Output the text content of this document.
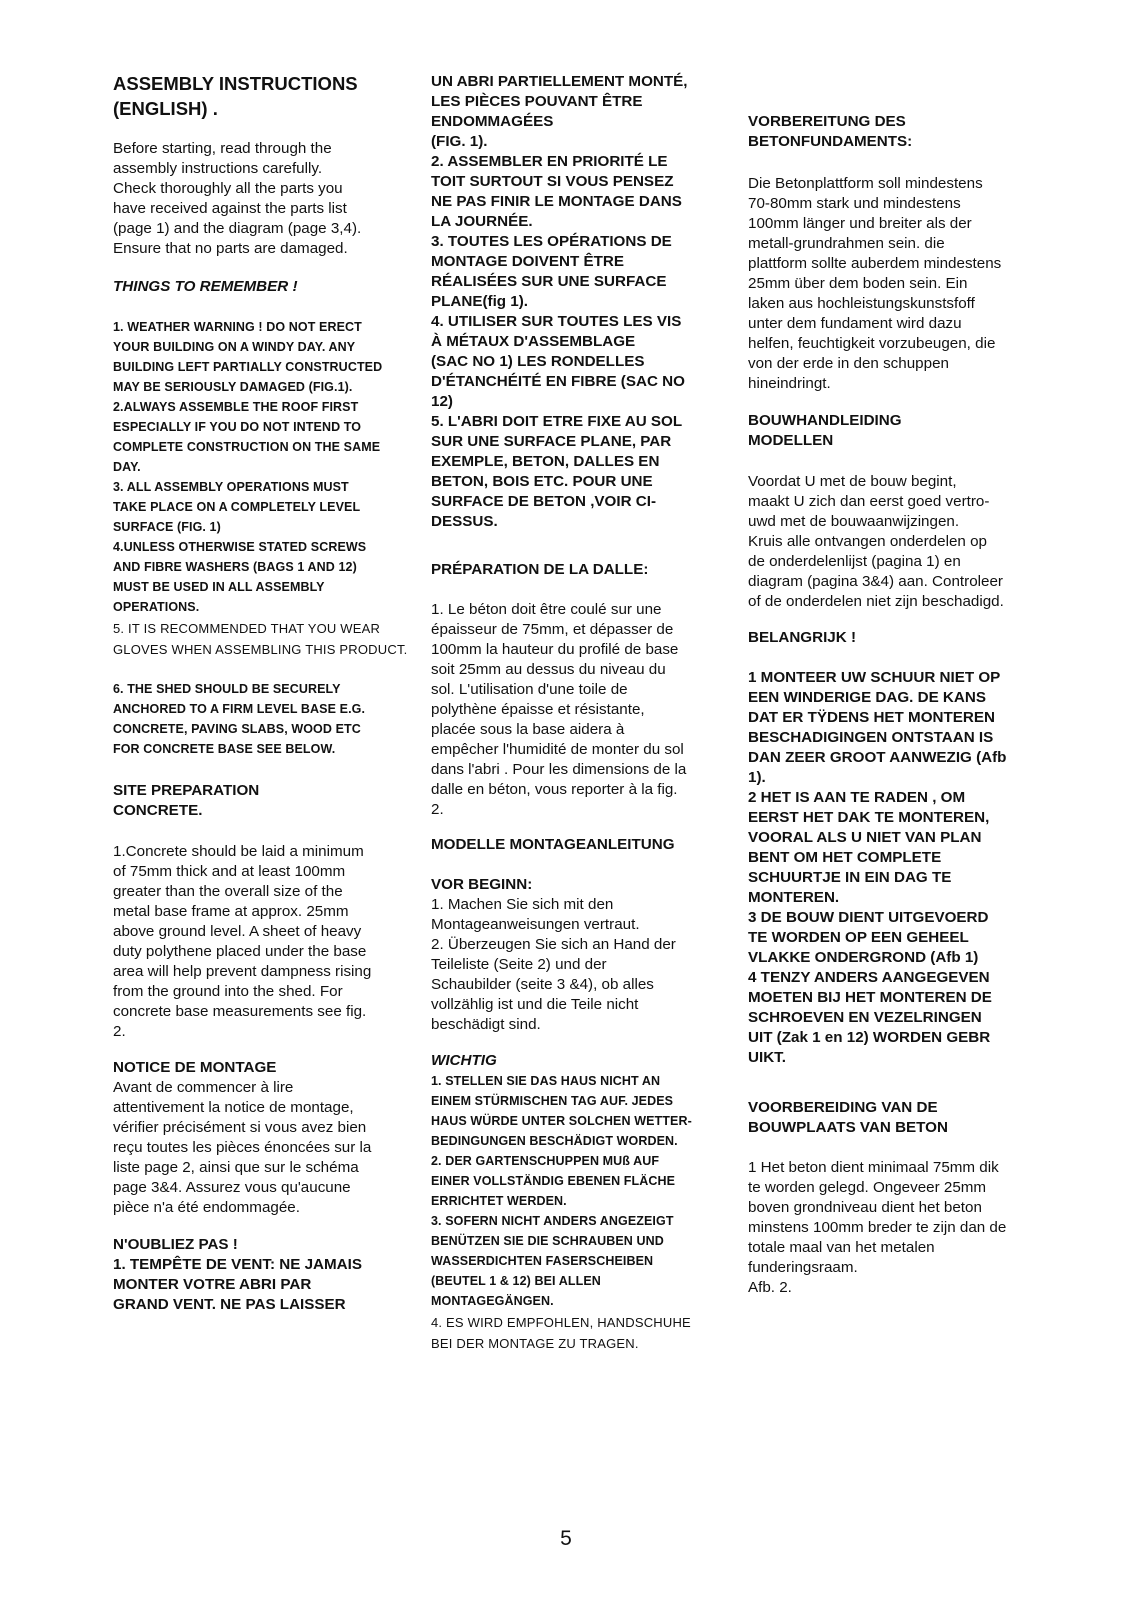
ASSEMBLY INSTRUCTIONS
(ENGLISH) .
Before starting, read through the
assembly instructions carefully.
Check thoroughly all the parts you
have received against the parts list
(page 1) and the diagram (page 3,4).
Ensure that no parts are damaged.
THINGS TO REMEMBER !
1. WEATHER WARNING ! DO NOT ERECT
YOUR BUILDING ON A WINDY DAY. ANY
BUILDING LEFT PARTIALLY CONSTRUCTED
MAY BE SERIOUSLY DAMAGED (FIG.1).
2.ALWAYS ASSEMBLE THE ROOF FIRST
ESPECIALLY IF YOU DO NOT INTEND TO
COMPLETE CONSTRUCTION ON THE SAME
DAY.
3. ALL ASSEMBLY OPERATIONS MUST
TAKE PLACE ON A COMPLETELY LEVEL
SURFACE (FIG. 1)
4.UNLESS OTHERWISE STATED SCREWS
AND FIBRE WASHERS (BAGS 1 AND 12)
MUST BE USED IN ALL ASSEMBLY
OPERATIONS.
5. IT IS RECOMMENDED THAT YOU WEAR
GLOVES WHEN ASSEMBLING THIS PRODUCT.
6. THE SHED SHOULD BE SECURELY
ANCHORED TO A FIRM LEVEL BASE E.G.
CONCRETE, PAVING SLABS, WOOD ETC
FOR CONCRETE BASE SEE BELOW.
SITE PREPARATION
CONCRETE.
1.Concrete should be laid a minimum
of 75mm thick and at least 100mm
greater than the overall size of the
metal base frame at approx. 25mm
above ground level. A sheet of heavy
duty polythene placed under the base
area will help prevent dampness rising
from the ground into the shed. For
concrete base measurements see fig.
2.
NOTICE DE MONTAGE
Avant de commencer à lire
attentivement la notice de montage,
vérifier précisément si vous avez bien
reçu toutes les pièces énoncées sur la
liste page 2, ainsi que sur le schéma
page 3&4. Assurez vous qu'aucune
pièce n'a été endommagée.
N'OUBLIEZ PAS !
1. TEMPÊTE DE VENT: NE JAMAIS
MONTER VOTRE ABRI PAR
GRAND VENT. NE PAS LAISSER
UN ABRI PARTIELLEMENT MONTÉ,
LES PIÈCES POUVANT ÊTRE
ENDOMMAGÉES
(FIG. 1).
2. ASSEMBLER EN PRIORITÉ LE
TOIT SURTOUT SI VOUS PENSEZ
NE PAS FINIR LE MONTAGE DANS
LA JOURNÉE.
3. TOUTES LES OPÉRATIONS DE
MONTAGE DOIVENT ÊTRE
RÉALISÉES SUR UNE SURFACE
PLANE(fig 1).
4. UTILISER SUR TOUTES LES VIS
À MÉTAUX D'ASSEMBLAGE
(SAC NO 1) LES RONDELLES
D'ÉTANCHÉITÉ EN FIBRE (SAC NO
12)
5. L'ABRI DOIT ETRE FIXE AU SOL
SUR UNE SURFACE PLANE, PAR
EXEMPLE, BETON, DALLES EN
BETON, BOIS ETC. POUR UNE
SURFACE DE BETON ,VOIR CI-
DESSUS.
PRÉPARATION DE LA DALLE:
1. Le béton doit être coulé sur une
épaisseur de 75mm, et dépasser de
100mm la hauteur du profilé de base
soit 25mm au dessus du niveau du
sol. L'utilisation d'une toile de
polythène épaisse et résistante,
placée sous la base aidera à
empêcher l'humidité de monter du sol
dans l'abri . Pour les dimensions de la
dalle en béton, vous reporter à la fig.
2.
MODELLE MONTAGEANLEITUNG
VOR BEGINN:
1. Machen Sie sich mit den
Montageanweisungen vertraut.
2. Überzeugen Sie sich an Hand der
Teileliste (Seite 2) und der
Schaubilder (seite 3 &4), ob alles
vollzählig ist und die Teile nicht
beschädigt sind.
WICHTIG
1. STELLEN SIE DAS HAUS NICHT AN
EINEM STÜRMISCHEN TAG AUF. JEDES
HAUS WÜRDE UNTER SOLCHEN WETTER-
BEDINGUNGEN BESCHÄDIGT WORDEN.
2. DER GARTENSCHUPPEN MUß AUF
EINER VOLLSTÄNDIG EBENEN FLÄCHE
ERRICHTET WERDEN.
3. SOFERN NICHT ANDERS ANGEZEIGT
BENÜTZEN SIE DIE SCHRAUBEN UND
WASSERDICHTEN FASERSCHEIBEN
(BEUTEL 1 & 12) BEI ALLEN
MONTAGEGÄNGEN.
4. ES WIRD EMPFOHLEN, HANDSCHUHE
BEI DER MONTAGE ZU TRAGEN.
VORBEREITUNG DES
BETONFUNDAMENTS:
Die Betonplattform soll mindestens
70-80mm stark und mindestens
100mm länger und breiter als der
metall-grundrahmen sein. die
plattform sollte auberdem mindestens
25mm über dem boden sein. Ein
laken aus hochleistungskunstsfoff
unter dem fundament wird dazu
helfen, feuchtigkeit vorzubeugen, die
von der erde in den schuppen
hineindringt.
BOUWHANDLEIDING
MODELLEN
Voordat U met de bouw begint,
maakt U zich dan eerst goed vertro-
uwd met de bouwaanwijzingen.
Kruis alle ontvangen onderdelen op
de onderdelenlijst (pagina 1) en
diagram (pagina 3&4) aan. Controleer
of de onderdelen niet zijn beschadigd.
BELANGRIJK !
1 MONTEER UW SCHUUR NIET OP
EEN WINDERIGE DAG. DE KANS
DAT ER TŸDENS HET MONTEREN
BESCHADIGINGEN ONTSTAAN IS
DAN ZEER GROOT AANWEZIG (Afb
1).
2 HET IS AAN TE RADEN , OM
EERST HET DAK TE MONTEREN,
VOORAL ALS U NIET VAN PLAN
BENT OM HET COMPLETE
SCHUURTJE IN EIN DAG TE
MONTEREN.
3 DE BOUW DIENT UITGEVOERD
TE WORDEN OP EEN GEHEEL
VLAKKE ONDERGROND (Afb 1)
4 TENZY ANDERS AANGEGEVEN
MOETEN BIJ HET MONTEREN DE
SCHROEVEN EN VEZELRINGEN
UIT (Zak 1 en 12) WORDEN GEBR
UIKT.
VOORBEREIDING VAN DE
BOUWPLAATS VAN BETON
1 Het beton dient minimaal 75mm dik
te worden gelegd. Ongeveer 25mm
boven grondniveau dient het beton
minstens 100mm breder te zijn dan de
totale maal van het metalen
funderingsraam.
Afb. 2.
5
